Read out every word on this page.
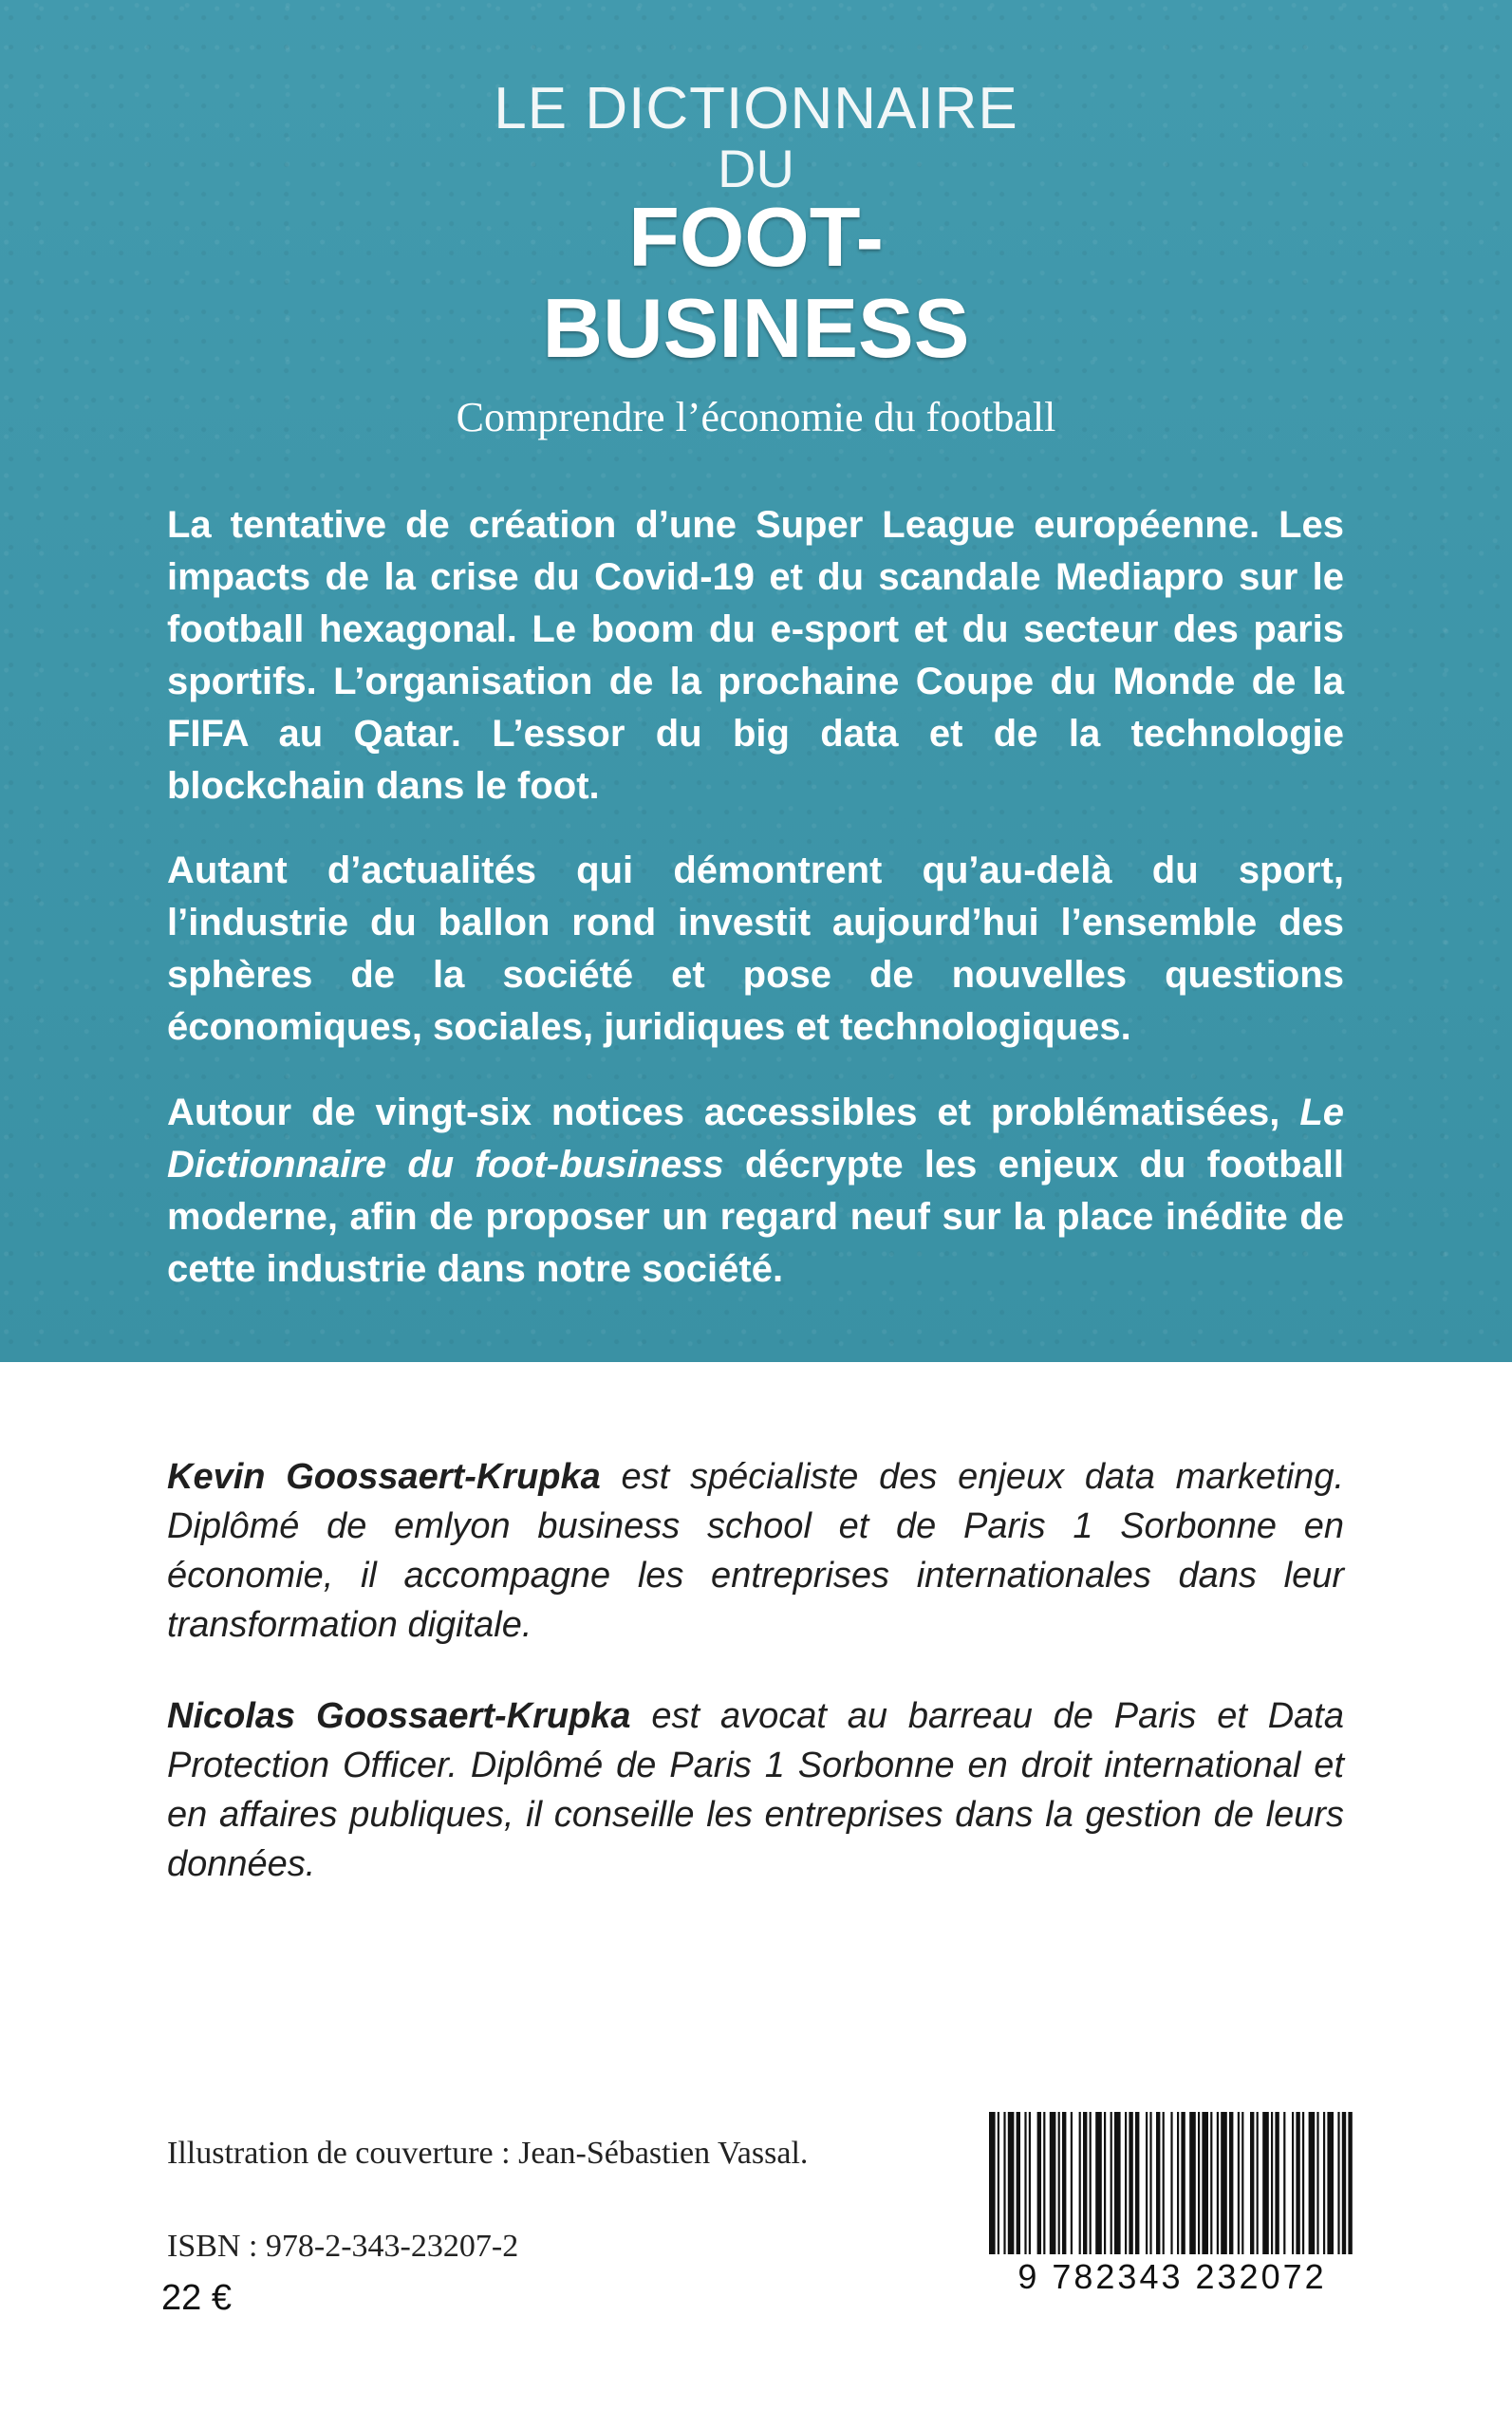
LE DICTIONNAIRE
DU
FOOT-
BUSINESS
Comprendre l’économie du football

La tentative de création d’une Super League européenne. Les impacts de la crise du Covid-19 et du scandale Mediapro sur le football hexagonal. Le boom du e-sport et du secteur des paris sportifs. L’organisation de la prochaine Coupe du Monde de la FIFA au Qatar. L’essor du big data et de la technologie blockchain dans le foot.

Autant d’actualités qui démontrent qu’au-delà du sport, l’industrie du ballon rond investit aujourd’hui l’ensemble des sphères de la société et pose de nouvelles questions économiques, sociales, juridiques et technologiques.

Autour de vingt-six notices accessibles et problématisées, Le Dictionnaire du foot-business décrypte les enjeux du football moderne, afin de proposer un regard neuf sur la place inédite de cette industrie dans notre société.

Kevin Goossaert-Krupka est spécialiste des enjeux data marketing. Diplômé de emlyon business school et de Paris 1 Sorbonne en économie, il accompagne les entreprises internationales dans leur transformation digitale.

Nicolas Goossaert-Krupka est avocat au barreau de Paris et Data Protection Officer. Diplômé de Paris 1 Sorbonne en droit international et en affaires publiques, il conseille les entreprises dans la gestion de leurs données.

Illustration de couverture : Jean-Sébastien Vassal.
ISBN : 978-2-343-23207-2
22 €
9 782343 232072
